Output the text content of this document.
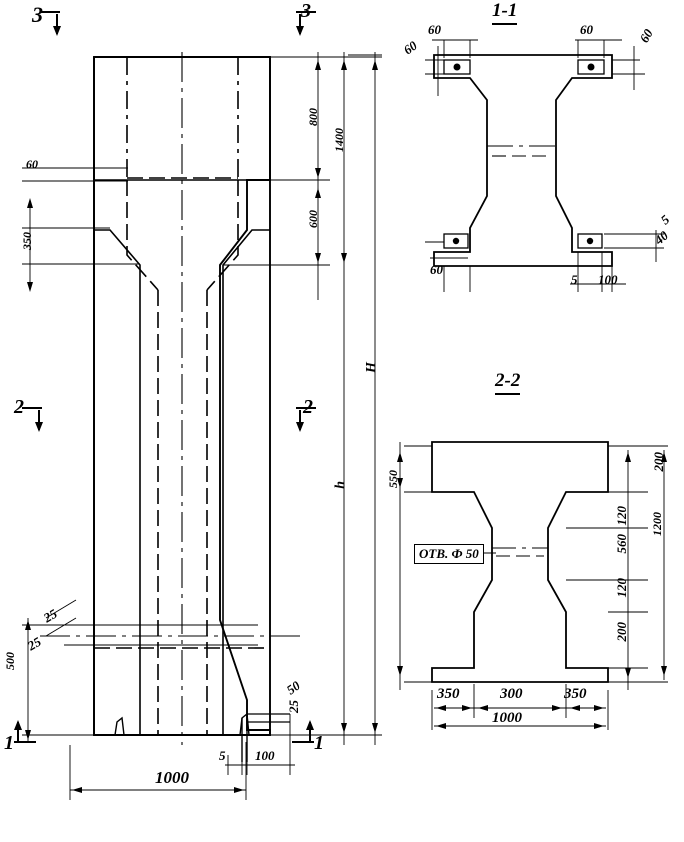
3	3
2	2
1	1
1-1
2-2
60
350
800
600
1400
H
h
500
25
25
1000
5 100
50
25
60
60	60	60
60
5
40
5 100
550
200
120
560
120
200
1200
350	300	350
1000
ОТВ. Ф 50
